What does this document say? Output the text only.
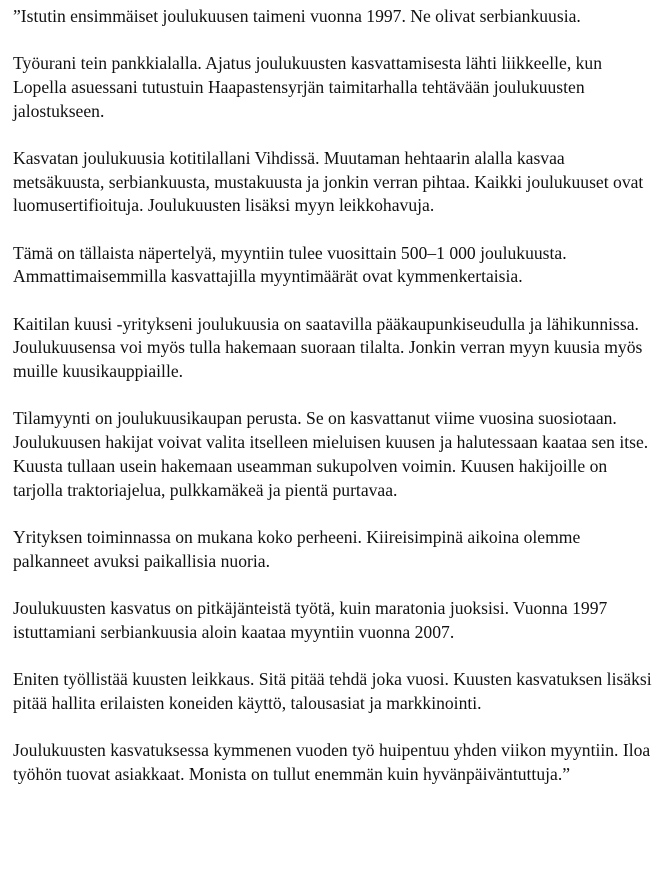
”Istutin ensimmäiset joulukuusen taimeni vuonna 1997. Ne olivat serbiankuusia.

Työurani tein pankkialalla. Ajatus joulukuusten kasvattamisesta lähti liikkeelle, kun Lopella asuessani tutustuin Haapastensyrjän taimitarhalla tehtävään joulukuusten jalostukseen.

Kasvatan joulukuusia kotitilallani Vihdissä. Muutaman hehtaarin alalla kasvaa metsäkuusta, serbiankuusta, mustakuusta ja jonkin verran pihtaa. Kaikki joulukuuset ovat luomusertifioituja. Joulukuusten lisäksi myyn leikkohavuja.

Tämä on tällaista näpertelyä, myyntiin tulee vuosittain 500–1 000 joulukuusta. Ammattimaisemmilla kasvattajilla myyntimäärät ovat kymmenkertaisia.

Kaitilan kuusi -yritykseni joulukuusia on saatavilla pääkaupunkiseudulla ja lähikunnissa. Joulukuusensa voi myös tulla hakemaan suoraan tilalta. Jonkin verran myyn kuusia myös muille kuusikauppiaille.

Tilamyynti on joulukuusikaupan perusta. Se on kasvattanut viime vuosina suosiotaan. Joulukuusen hakijat voivat valita itselleen mieluisen kuusen ja halutessaan kaataa sen itse. Kuusta tullaan usein hakemaan useamman sukupolven voimin. Kuusen hakijoille on tarjolla traktoriajelua, pulkkamäkeä ja pientä purtavaa.

Yrityksen toiminnassa on mukana koko perheeni. Kiireisimpinä aikoina olemme palkanneet avuksi paikallisia nuoria.

Joulukuusten kasvatus on pitkäjänteistä työtä, kuin maratonia juoksisi. Vuonna 1997 istuttamiani serbiankuusia aloin kaataa myyntiin vuonna 2007.

Eniten työllistää kuusten leikkaus. Sitä pitää tehdä joka vuosi. Kuusten kasvatuksen lisäksi pitää hallita erilaisten koneiden käyttö, talousasiat ja markkinointi.

Joulukuusten kasvatuksessa kymmenen vuoden työ huipentuu yhden viikon myyntiin. Iloa työhön tuovat asiakkaat. Monista on tullut enemmän kuin hyvänpäiväntuttuja.”
